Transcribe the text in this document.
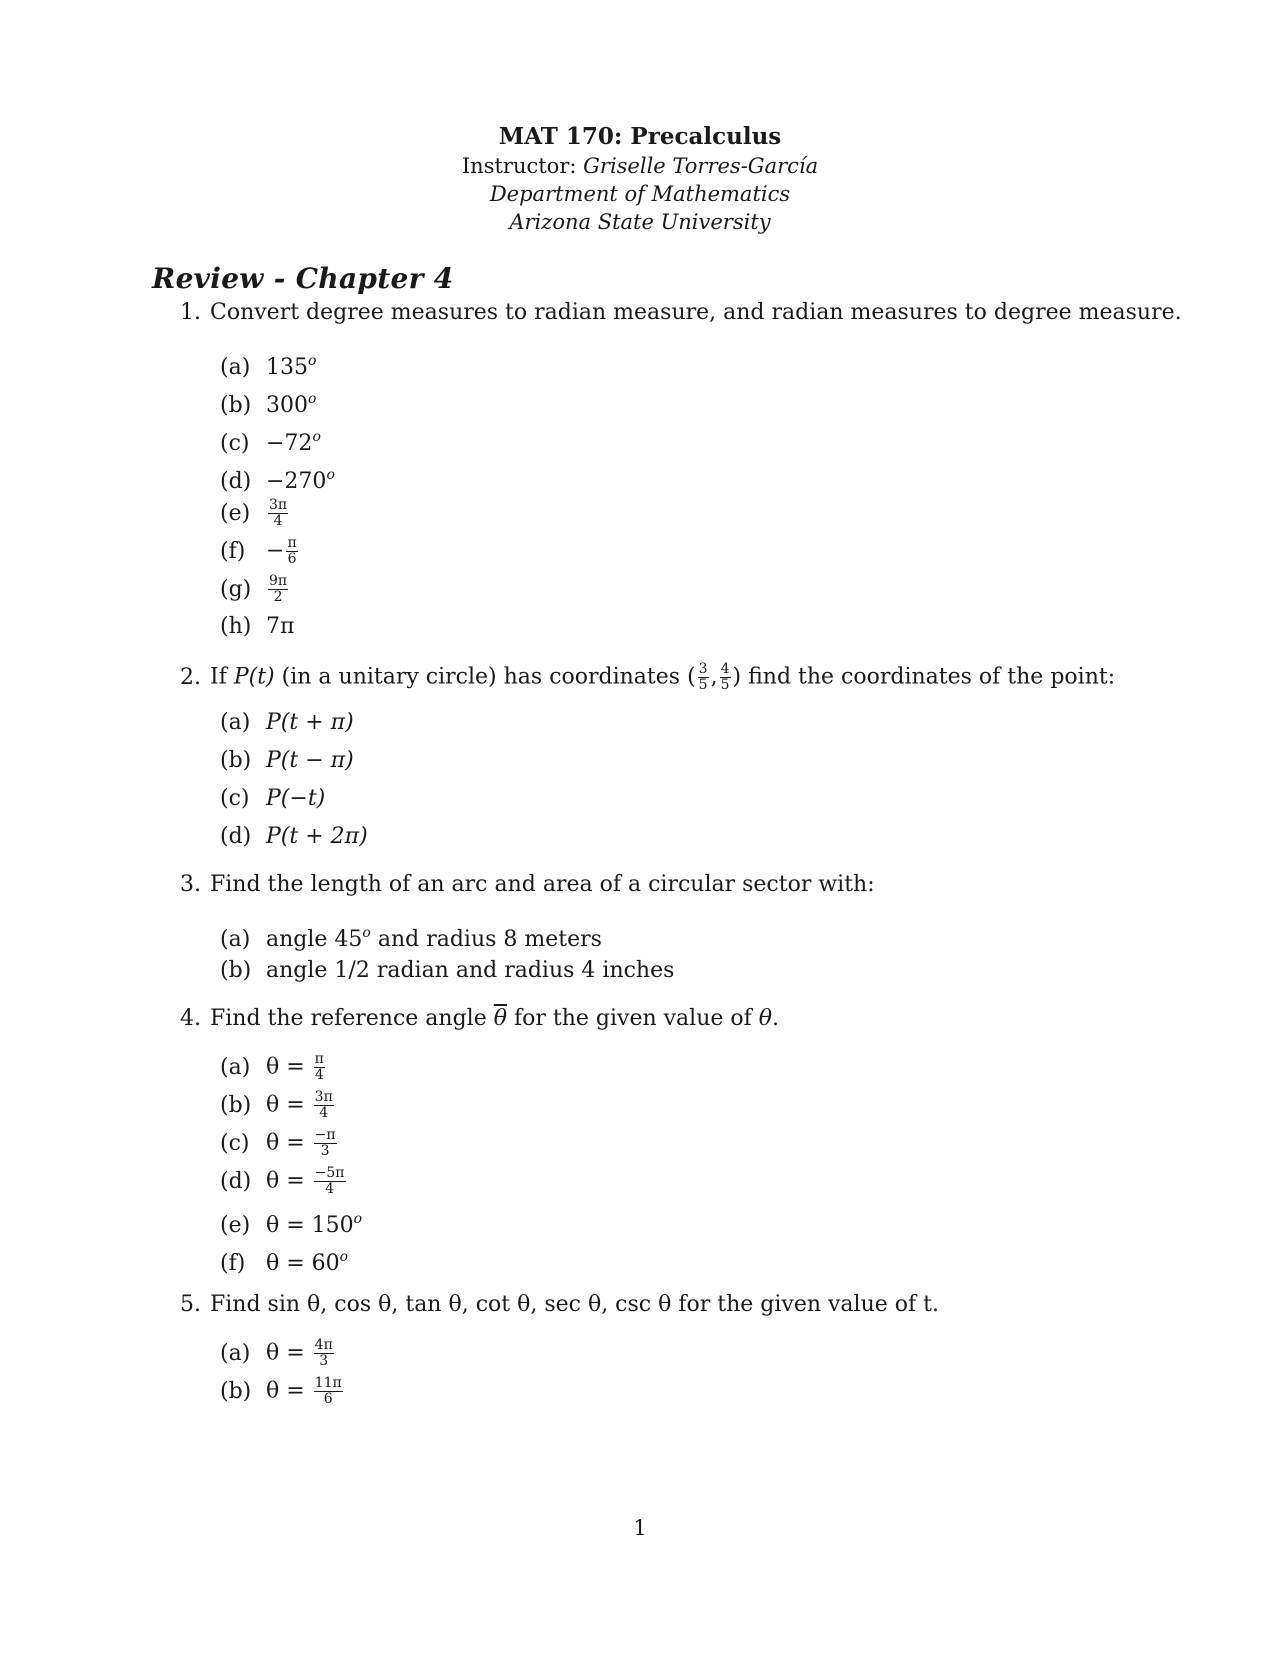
MAT 170: Precalculus
Instructor: Griselle Torres-García
Department of Mathematics
Arizona State University
Review - Chapter 4
1. Convert degree measures to radian measure, and radian measures to degree measure.
(a) 135$^o$
(b) 300$^o$
$(c) -72^o$
$(d) -270^o$
$(e) \frac{3\pi}{4}$
$(f) - \frac{\pi}{6}$
$(g) \frac{9\pi}{2}$
(h) 7π
2. If P(t) (in a unitary circle) has coordinates ( $\frac{3}{5}$ , $\frac{4}{5}$ ) find the coordinates of the point:
(a) P(t + π)
(b) P(t − π)
(c) P(−t)
(d) P(t + 2π)
3. Find the length of an arc and area of a circular sector with:
(a) angle 45$^o$ and radius 8 meters
(b) angle 1/2 radian and radius 4 inches
4. Find the reference angle $\overline{\theta}$ for the given value of θ.
(a) $\theta = \frac{\pi}{4}$
(b) $\theta = \frac{3\pi}{4}$
(c) $\theta = \frac{-\pi}{3}$
(d) $\theta = \frac{-5\pi}{4}$
(e) $\theta = 150^o$
(f) $\theta = 60^o$
5. Find sin θ, cos θ, tan θ, cot θ, sec θ, csc θ for the given value of t.
(a) $\theta = \frac{4\pi}{3}$
(b) $\theta = \frac{11\pi}{6}$
1
